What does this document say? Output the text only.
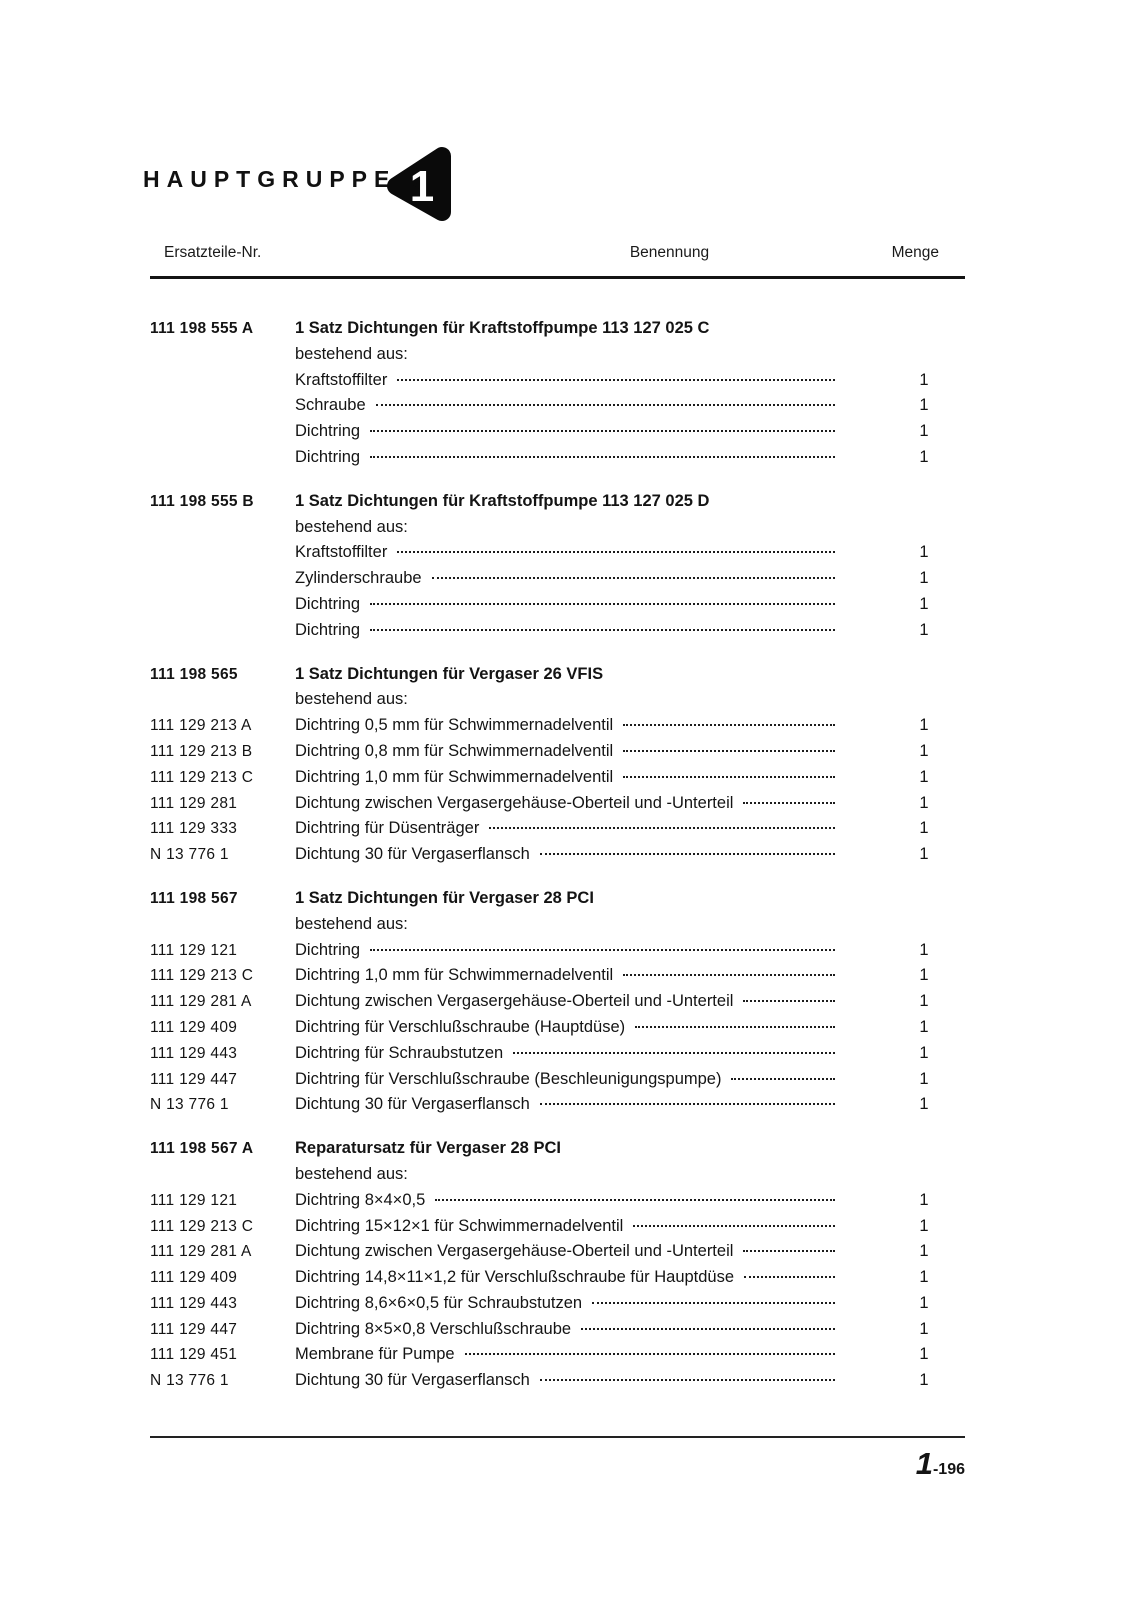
HAUPTGRUPPE 1
Ersatzteile-Nr.	Benennung	Menge
111 198 555 A	1 Satz Dichtungen für Kraftstoffpumpe 113 127 025 C
bestehend aus:
Kraftstoffilter	1
Schraube	1
Dichtring	1
Dichtring	1
111 198 555 B	1 Satz Dichtungen für Kraftstoffpumpe 113 127 025 D
bestehend aus:
Kraftstoffilter	1
Zylinderschraube	1
Dichtring	1
Dichtring	1
111 198 565	1 Satz Dichtungen für Vergaser 26 VFIS
bestehend aus:
111 129 213 A	Dichtring 0,5 mm für Schwimmernadelventil	1
111 129 213 B	Dichtring 0,8 mm für Schwimmernadelventil	1
111 129 213 C	Dichtring 1,0 mm für Schwimmernadelventil	1
111 129 281	Dichtung zwischen Vergasergehäuse-Oberteil und -Unterteil	1
111 129 333	Dichtring für Düsenträger	1
N 13 776 1	Dichtung 30 für Vergaserflansch	1
111 198 567	1 Satz Dichtungen für Vergaser 28 PCI
bestehend aus:
111 129 121	Dichtring	1
111 129 213 C	Dichtring 1,0 mm für Schwimmernadelventil	1
111 129 281 A	Dichtung zwischen Vergasergehäuse-Oberteil und -Unterteil	1
111 129 409	Dichtring für Verschlußschraube (Hauptdüse)	1
111 129 443	Dichtring für Schraubstutzen	1
111 129 447	Dichtring für Verschlußschraube (Beschleunigungspumpe)	1
N 13 776 1	Dichtung 30 für Vergaserflansch	1
111 198 567 A	Reparatursatz für Vergaser 28 PCI
bestehend aus:
111 129 121	Dichtring 8×4×0,5	1
111 129 213 C	Dichtring 15×12×1 für Schwimmernadelventil	1
111 129 281 A	Dichtung zwischen Vergasergehäuse-Oberteil und -Unterteil	1
111 129 409	Dichtring 14,8×11×1,2 für Verschlußschraube für Hauptdüse	1
111 129 443	Dichtring 8,6×6×0,5 für Schraubstutzen	1
111 129 447	Dichtring 8×5×0,8 Verschlußschraube	1
111 129 451	Membrane für Pumpe	1
N 13 776 1	Dichtung 30 für Vergaserflansch	1
1 -196
